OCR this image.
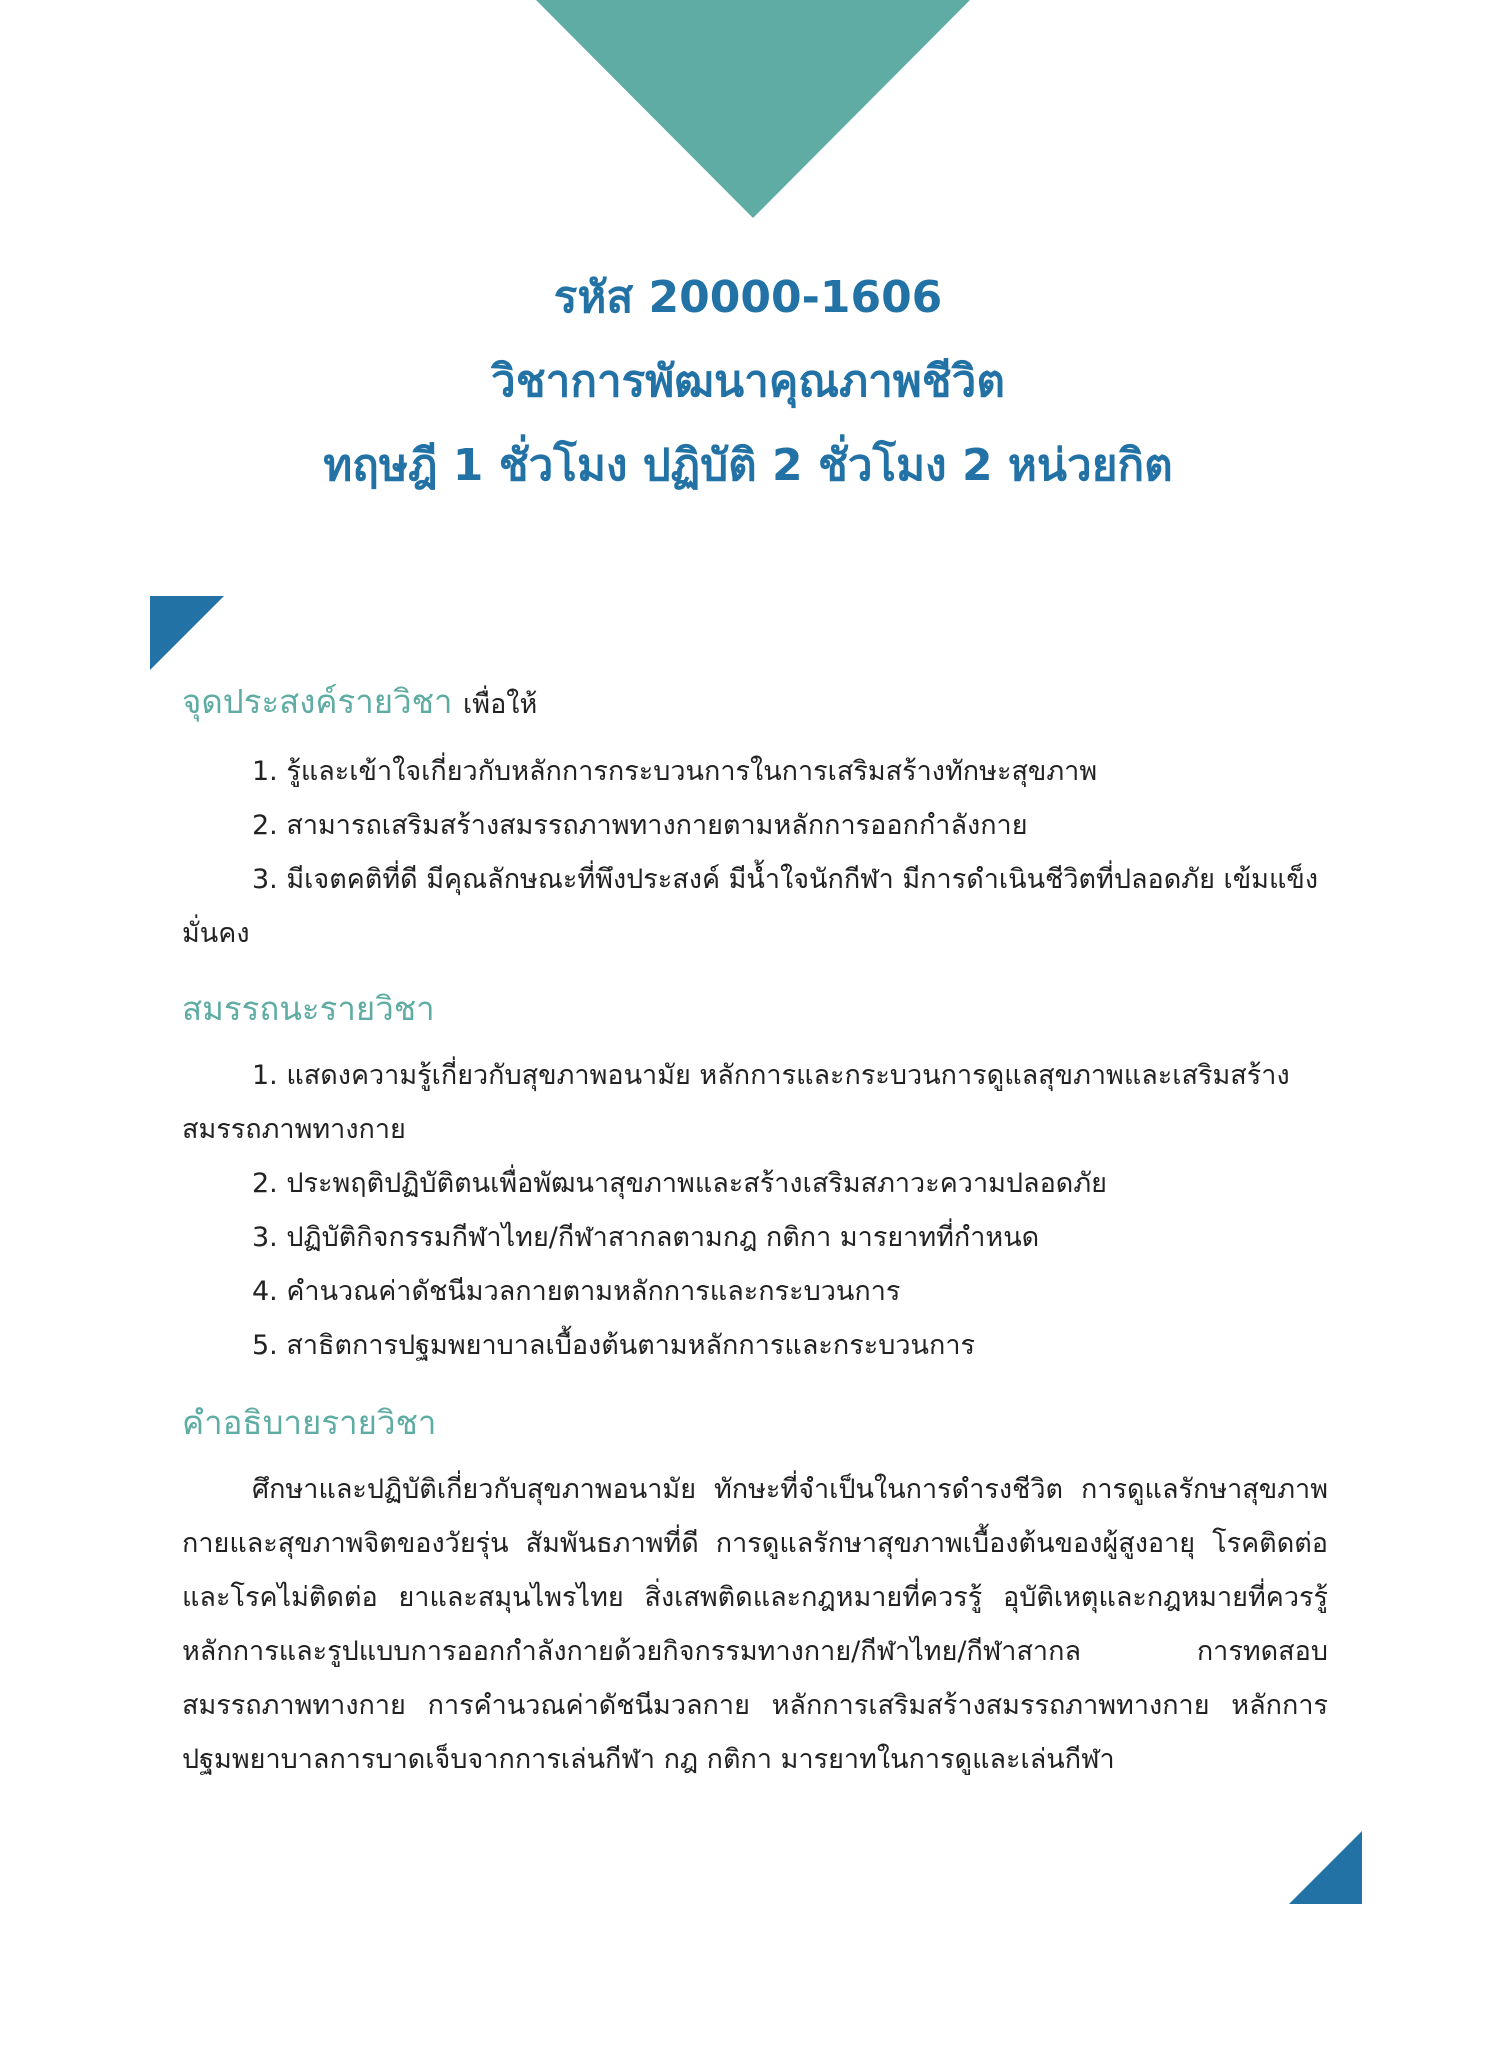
รหัส 20000-1606
วิชาการพัฒนาคุณภาพชีวิต
ทฤษฎี 1 ชั่วโมง ปฏิบัติ 2 ชั่วโมง 2 หน่วยกิต
จุดประสงค์รายวิชา เพื่อให้
1. รู้และเข้าใจเกี่ยวกับหลักการกระบวนการในการเสริมสร้างทักษะสุขภาพ
2. สามารถเสริมสร้างสมรรถภาพทางกายตามหลักการออกกำลังกาย
3. มีเจตคติที่ดี มีคุณลักษณะที่พึงประสงค์ มีน้ำใจนักกีฬา มีการดำเนินชีวิตที่ปลอดภัย เข้มแข็งมั่นคง
สมรรถนะรายวิชา
1. แสดงความรู้เกี่ยวกับสุขภาพอนามัย หลักการและกระบวนการดูแลสุขภาพและเสริมสร้างสมรรถภาพทางกาย
2. ประพฤติปฏิบัติตนเพื่อพัฒนาสุขภาพและสร้างเสริมสภาวะความปลอดภัย
3. ปฏิบัติกิจกรรมกีฬาไทย/กีฬาสากลตามกฎ กติกา มารยาทที่กำหนด
4. คำนวณค่าดัชนีมวลกายตามหลักการและกระบวนการ
5. สาธิตการปฐมพยาบาลเบื้องต้นตามหลักการและกระบวนการ
คำอธิบายรายวิชา
ศึกษาและปฏิบัติเกี่ยวกับสุขภาพอนามัย ทักษะที่จำเป็นในการดำรงชีวิต การดูแลรักษาสุขภาพกายและสุขภาพจิตของวัยรุ่น สัมพันธภาพที่ดี การดูแลรักษาสุขภาพเบื้องต้นของผู้สูงอายุ โรคติดต่อและโรคไม่ติดต่อ ยาและสมุนไพรไทย สิ่งเสพติดและกฎหมายที่ควรรู้ อุบัติเหตุและกฎหมายที่ควรรู้ หลักการและรูปแบบการออกกำลังกายด้วยกิจกรรมทางกาย/กีฬาไทย/กีฬาสากล การทดสอบสมรรถภาพทางกาย การคำนวณค่าดัชนีมวลกาย หลักการเสริมสร้างสมรรถภาพทางกาย หลักการปฐมพยาบาลการบาดเจ็บจากการเล่นกีฬา กฎ กติกา มารยาทในการดูและเล่นกีฬา
